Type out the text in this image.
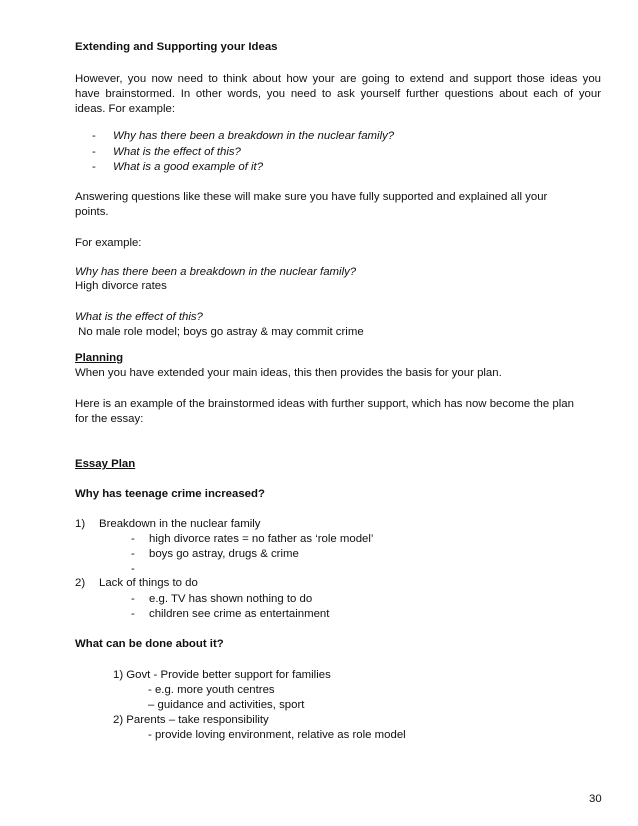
Extending and Supporting your Ideas
However, you now need to think about how your are going to extend and support those ideas you
have brainstormed. In other words, you need to ask yourself further questions about each of your
ideas. For example:
- Why has there been a breakdown in the nuclear family?
- What is the effect of this?
- What is a good example of it?
Answering questions like these will make sure you have fully supported and explained all your
points.
For example:
Why has there been a breakdown in the nuclear family?
High divorce rates
What is the effect of this?
No male role model; boys go astray & may commit crime
Planning
When you have extended your main ideas, this then provides the basis for your plan.
Here is an example of the brainstormed ideas with further support, which has now become the plan
for the essay:
Essay Plan
Why has teenage crime increased?
1) Breakdown in the nuclear family
- high divorce rates = no father as ‘role model’
- boys go astray, drugs & crime
-
2) Lack of things to do
- e.g. TV has shown nothing to do
- children see crime as entertainment
What can be done about it?
1) Govt - Provide better support for families
- e.g. more youth centres
– guidance and activities, sport
2) Parents – take responsibility
- provide loving environment, relative as role model
30
